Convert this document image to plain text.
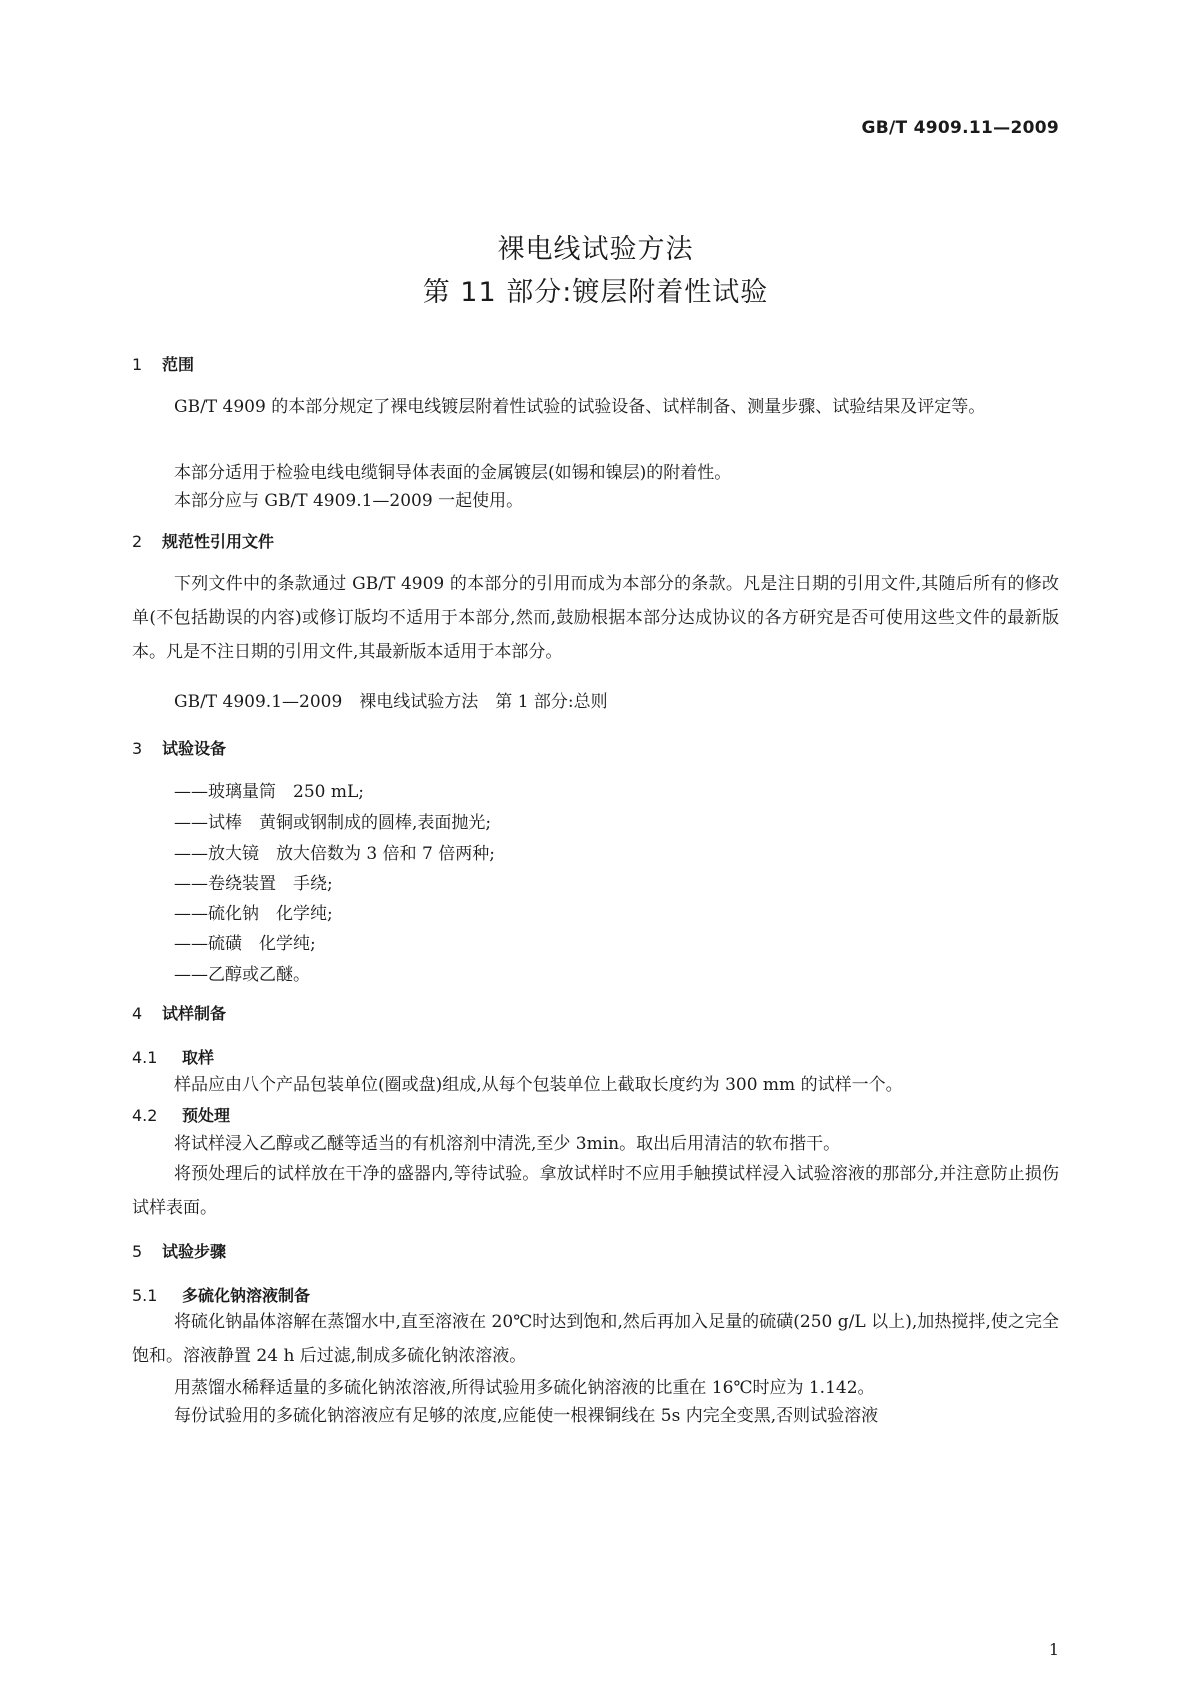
GB/T 4909.11—2009
裸电线试验方法
第 11 部分:镀层附着性试验
1 范围
GB/T 4909 的本部分规定了裸电线镀层附着性试验的试验设备、试样制备、测量步骤、试验结果及评定等。
本部分适用于检验电线电缆铜导体表面的金属镀层(如锡和镍层)的附着性。
本部分应与 GB/T 4909.1—2009 一起使用。
2 规范性引用文件
下列文件中的条款通过 GB/T 4909 的本部分的引用而成为本部分的条款。凡是注日期的引用文件,其随后所有的修改单(不包括勘误的内容)或修订版均不适用于本部分,然而,鼓励根据本部分达成协议的各方研究是否可使用这些文件的最新版本。凡是不注日期的引用文件,其最新版本适用于本部分。
GB/T 4909.1—2009　裸电线试验方法　第 1 部分:总则
3 试验设备
——玻璃量筒　250 mL;
——试棒　黄铜或钢制成的圆棒,表面抛光;
——放大镜　放大倍数为 3 倍和 7 倍两种;
——卷绕装置　手绕;
——硫化钠　化学纯;
——硫磺　化学纯;
——乙醇或乙醚。
4 试样制备
4.1 取样
样品应由八个产品包装单位(圈或盘)组成,从每个包装单位上截取长度约为 300 mm 的试样一个。
4.2 预处理
将试样浸入乙醇或乙醚等适当的有机溶剂中清洗,至少 3min。取出后用清洁的软布揩干。
将预处理后的试样放在干净的盛器内,等待试验。拿放试样时不应用手触摸试样浸入试验溶液的那部分,并注意防止损伤试样表面。
5 试验步骤
5.1 多硫化钠溶液制备
将硫化钠晶体溶解在蒸馏水中,直至溶液在 20℃时达到饱和,然后再加入足量的硫磺(250 g/L 以上),加热搅拌,使之完全饱和。溶液静置 24 h 后过滤,制成多硫化钠浓溶液。
用蒸馏水稀释适量的多硫化钠浓溶液,所得试验用多硫化钠溶液的比重在 16℃时应为 1.142。
每份试验用的多硫化钠溶液应有足够的浓度,应能使一根裸铜线在 5s 内完全变黑,否则试验溶液
1
